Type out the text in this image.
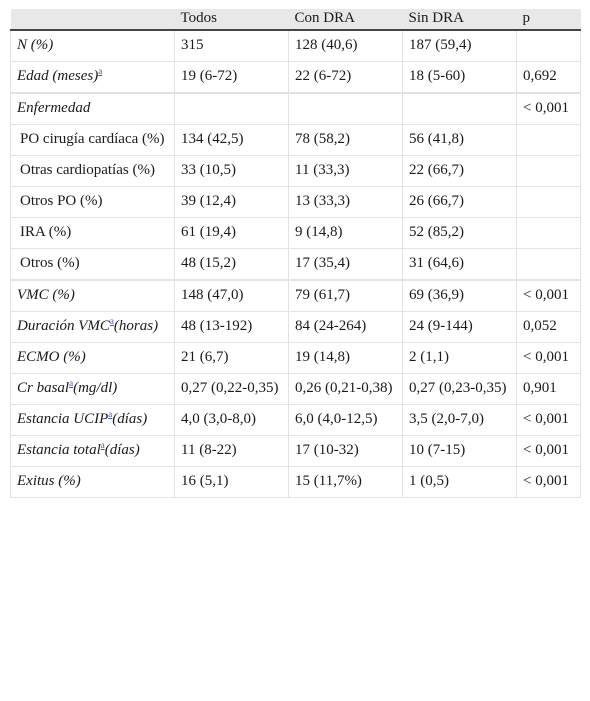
	Todos	Con DRA	Sin DRA	p
N (%)	315	128 (40,6)	187 (59,4)	
Edad (meses)$^a$	19 (6-72)	22 (6-72)	18 (5-60)	0,692

Enfermedad				< 0,001
PO cirugía cardíaca (%)	134 (42,5)	78 (58,2)	56 (41,8)	
Otras cardiopatías (%)	33 (10,5)	11 (33,3)	22 (66,7)	
Otros PO (%)	39 (12,4)	13 (33,3)	26 (66,7)	
IRA (%)	61 (19,4)	9 (14,8)	52 (85,2)	
Otros (%)	48 (15,2)	17 (35,4)	31 (64,6)	

VMC (%)	148 (47,0)	79 (61,7)	69 (36,9)	< 0,001
Duración VMC$^a$(horas)	48 (13-192)	84 (24-264)	24 (9-144)	0,052
ECMO (%)	21 (6,7)	19 (14,8)	2 (1,1)	< 0,001
Cr basal$^a$(mg/dl)	0,27 (0,22-0,35)	0,26 (0,21-0,38)	0,27 (0,23-0,35)	0,901
Estancia UCIP$^a$(días)	4,0 (3,0-8,0)	6,0 (4,0-12,5)	3,5 (2,0-7,0)	< 0,001
Estancia total$^a$(días)	11 (8-22)	17 (10-32)	10 (7-15)	< 0,001
Exitus (%)	16 (5,1)	15 (11,7%)	1 (0,5)	< 0,001
